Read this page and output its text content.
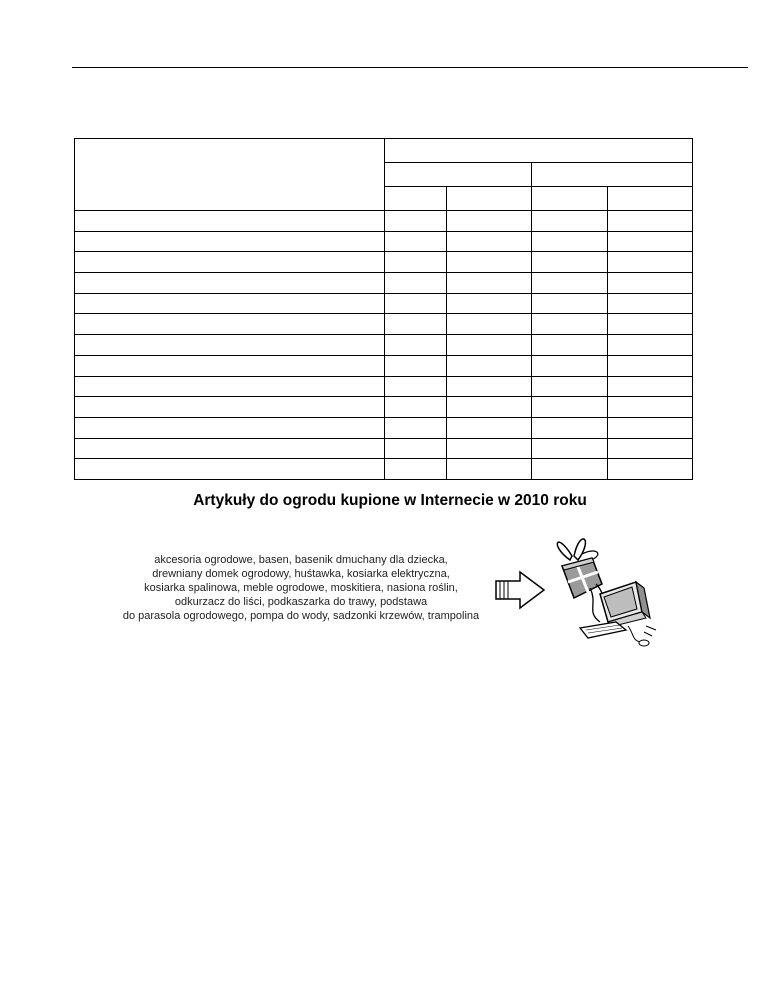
Artykuły do ogrodu kupione w Internecie w 2010 roku
akcesoria ogrodowe, basen, basenik dmuchany dla dziecka,
drewniany domek ogrodowy, huśtawka, kosiarka elektryczna,
kosiarka spalinowa, meble ogrodowe, moskitiera, nasiona roślin,
odkurzacz do liści, podkaszarka do trawy, podstawa
do parasola ogrodowego, pompa do wody, sadzonki krzewów, trampolina
